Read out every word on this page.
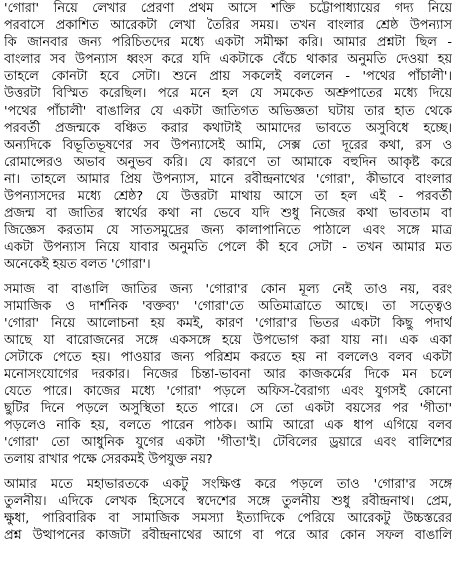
'গোরা' নিয়ে লেখার প্রেরণা প্রথম আসে শক্তি চট্টোপাধ্যায়ের গদ্য নিয়ে
পরবাসে প্রকাশিত আরেকটা লেখা তৈরির সময়। তখন বাংলার শ্রেষ্ঠ উপন্যাস
কি জানবার জন্য পরিচিতদের মধ্যে একটা সমীক্ষা করি। আমার প্রশ্নটা ছিল -
বাংলার সব উপন্যাস ধ্বংস করে যদি একটাকে বেঁচে থাকার অনুমতি দেওয়া হয়
তাহলে কোনটা হবে সেটা। শুনে প্রায় সকলেই বললেন - 'পথের পাঁচালী'।
উত্তরটা বিস্মিত করেছিল। পরে মনে হল যে সমকেত অশ্রুপাতের মধ্যে দিয়ে
'পথের পাঁচালী' বাঙালির যে একটা জাতিগত অভিজ্ঞতা ঘটায় তার হাত থেকে
পরবর্তী প্রজন্মকে বঞ্চিত করার কথাটাই আমাদের ভাবতে অসুবিধে হচ্ছে।
অন্যদিকে বিভূতিভূষণের সব উপন্যাসেই আমি, সেক্স তো দূরের কথা, রস ও
রোমান্সেরও অভাব অনুভব করি। যে কারণে তা আমাকে বহুদিন আকৃষ্ট করে
না। তাহলে আমার প্রিয় উপন্যাস, মানে রবীন্দ্রনাথের 'গোরা', কীভাবে বাংলার
উপন্যাসদের মধ্যে শ্রেষ্ঠ? যে উত্তরটা মাথায় আসে তা হল এই - পরবর্তী
প্রজন্ম বা জাতির স্বার্থের কথা না ভেবে যদি শুধু নিজের কথা ভাবতাম বা
জিজ্ঞেস করতাম যে সাতসমুদ্রের জন্য কালাপানিতে পাঠালে এবং সঙ্গে মাত্র
একটা উপন্যাস নিয়ে যাবার অনুমতি পেলে কী হবে সেটা - তখন আমার মত
অনেকেই হয়ত বলত 'গোরা'।

সমাজ বা বাঙালি জাতির জন্য 'গোরা'র কোন মূল্য নেই তাও নয়, বরং
সামাজিক ও দার্শনিক 'বক্তব্য' 'গোরা'তে অতিমাত্রাতে আছে। তা সত্ত্বেও
'গোরা' নিয়ে আলোচনা হয় কমই, কারণ 'গোরা'র ভিতর একটা কিছু পদার্থ
আছে যা বারোজনের সঙ্গে একসঙ্গে হয়ে উপভোগ করা যায় না। এক একা
সেটাকে পেতে হয়। পাওয়ার জন্য পরিশ্রম করতে হয় না বললেও বলব একটা
মনোসংযোগের দরকার। নিজের চিন্তা-ভাবনা আর কাজকর্মের দিকে মন চলে
যেতে পারে। কাজের মধ্যে 'গোরা' পড়লে অফিস-বৈরাগ্য এবং যুগসই কোনো
ছুটির দিনে পড়লে অসুস্থিতা হতে পারে। সে তো একটা বয়সের পর 'গীতা'
পড়লেও নাকি হয়, বলতে পারেন পাঠক। আমি আরো এক ধাপ এগিয়ে বলব
'গোরা' তো আধুনিক যুগের একটা 'গীতা'ই। টেবিলের ড্রয়ারে এবং বালিশের
তলায় রাখার পক্ষে সেরকমই উপযুক্ত নয়?

আমার মতে মহাভারতকে একটু সংক্ষিপ্ত করে পড়লে তাও 'গোরা'র সঙ্গে
তুলনীয়। এদিকে লেখক হিসেবে স্বদেশের সঙ্গে তুলনীয় শুধু রবীন্দ্রনাথ। প্রেম,
ক্ষুধা, পারিবারিক বা সামাজিক সমস্যা ইত্যাদিকে পেরিয়ে আরেকটু উচ্চস্তরের
প্রশ্ন উত্থাপনের কাজটা রবীন্দ্রনাথের আগে বা পরে আর কোন সফল বাঙালি
